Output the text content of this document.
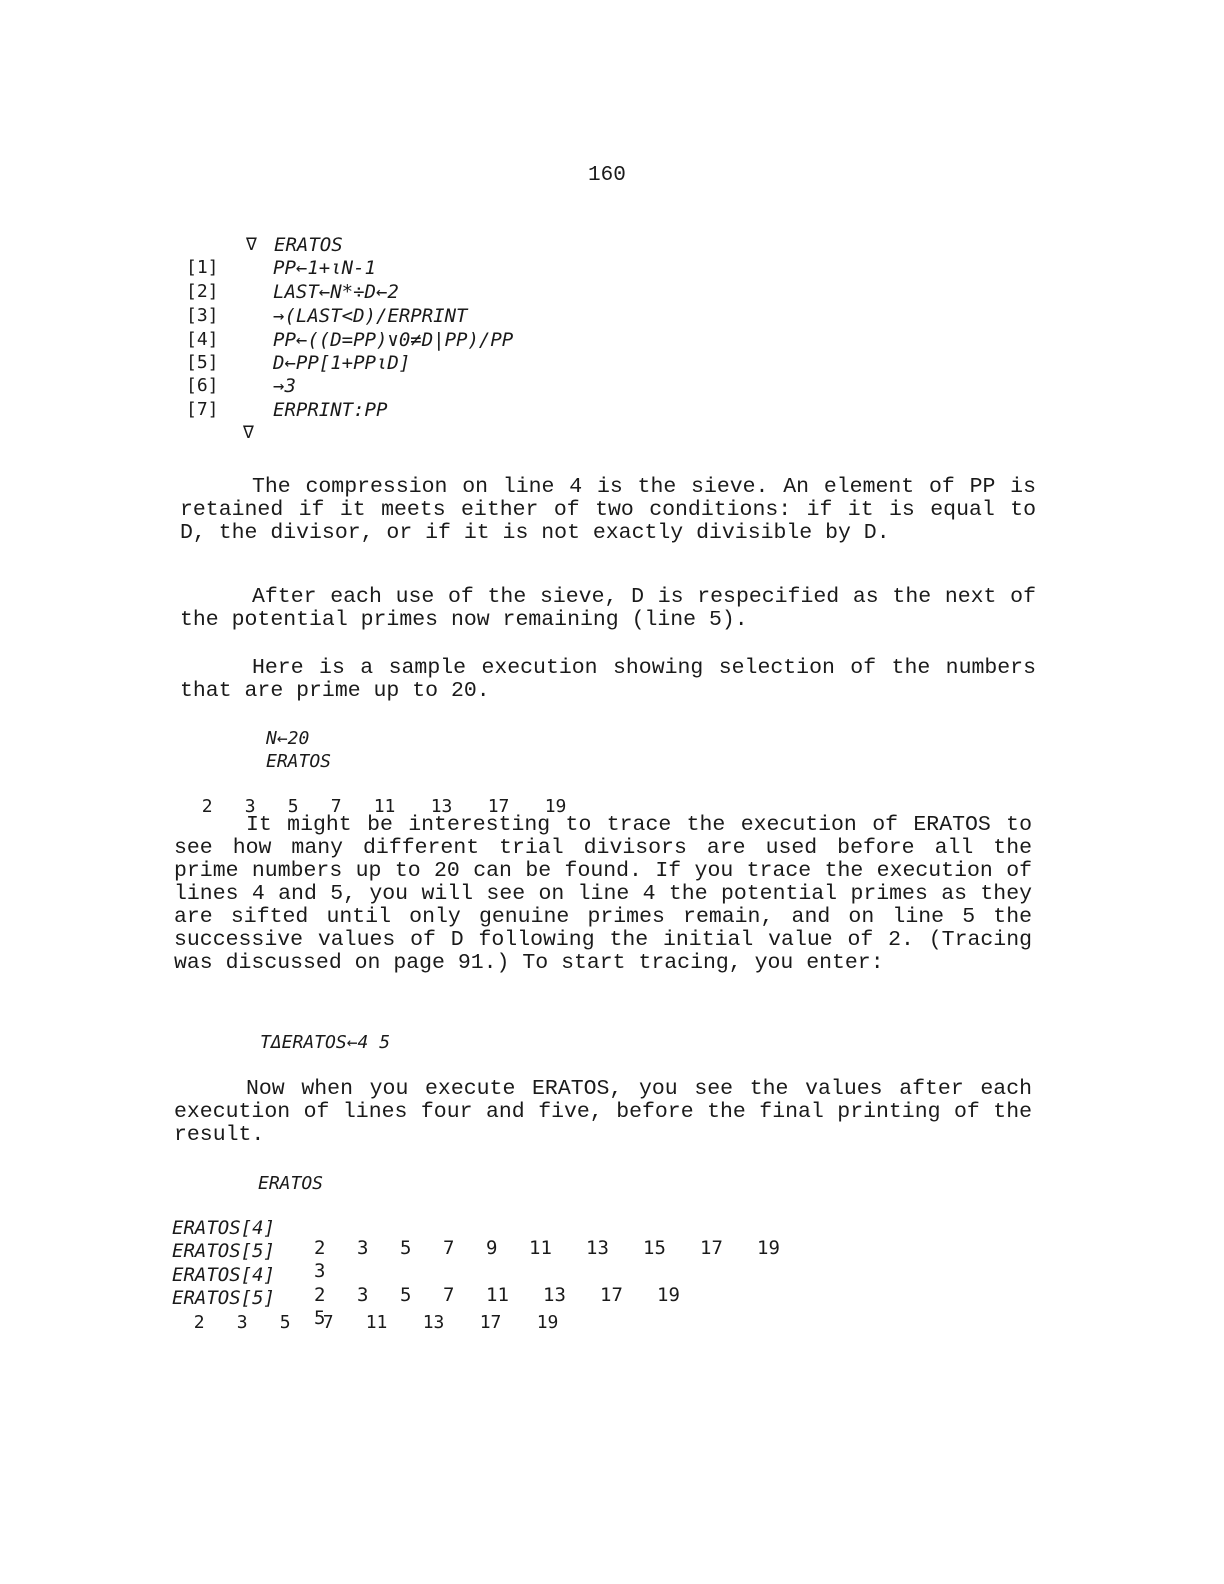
160
∇ ERATOS
[1]	PP←1+ιN-1
[2]	LAST←N*÷D←2
[3]	→(LAST<D)/ERPRINT
[4]	PP←((D=PP)∨0≠D|PP)/PP
[5]	D←PP[1+PPιD]
[6]	→3
[7]	ERPRINT:PP
∇
The compression on line 4 is the sieve. An element of PP is retained if it meets either of two conditions: if it is equal to D, the divisor, or if it is not exactly divisible by D.
After each use of the sieve, D is respecified as the next of the potential primes now remaining (line 5).
Here is a sample execution showing selection of the numbers that are prime up to 20.
N←20
ERATOS

2 3 5 7 11 13 17 19

It might be interesting to trace the execution of ERATOS to see how many different trial divisors are used before all the prime numbers up to 20 can be found. If you trace the execution of lines 4 and 5, you will see on line 4 the potential primes as they are sifted until only genuine primes remain, and on line 5 the successive values of D following the initial value of 2. (Tracing was discussed on page 91.) To start tracing, you enter:
TΔERATOS←4 5
Now when you execute ERATOS, you see the values after each execution of lines four and five, before the final printing of the result.
ERATOS

ERATOS[4]

2 3 5 7 9 11 13 15 17 19

ERATOS[5]

3

ERATOS[4]

2 3 5 7 11 13 17 19

ERATOS[5]

5

2 3 5 7 11 13 17 19
